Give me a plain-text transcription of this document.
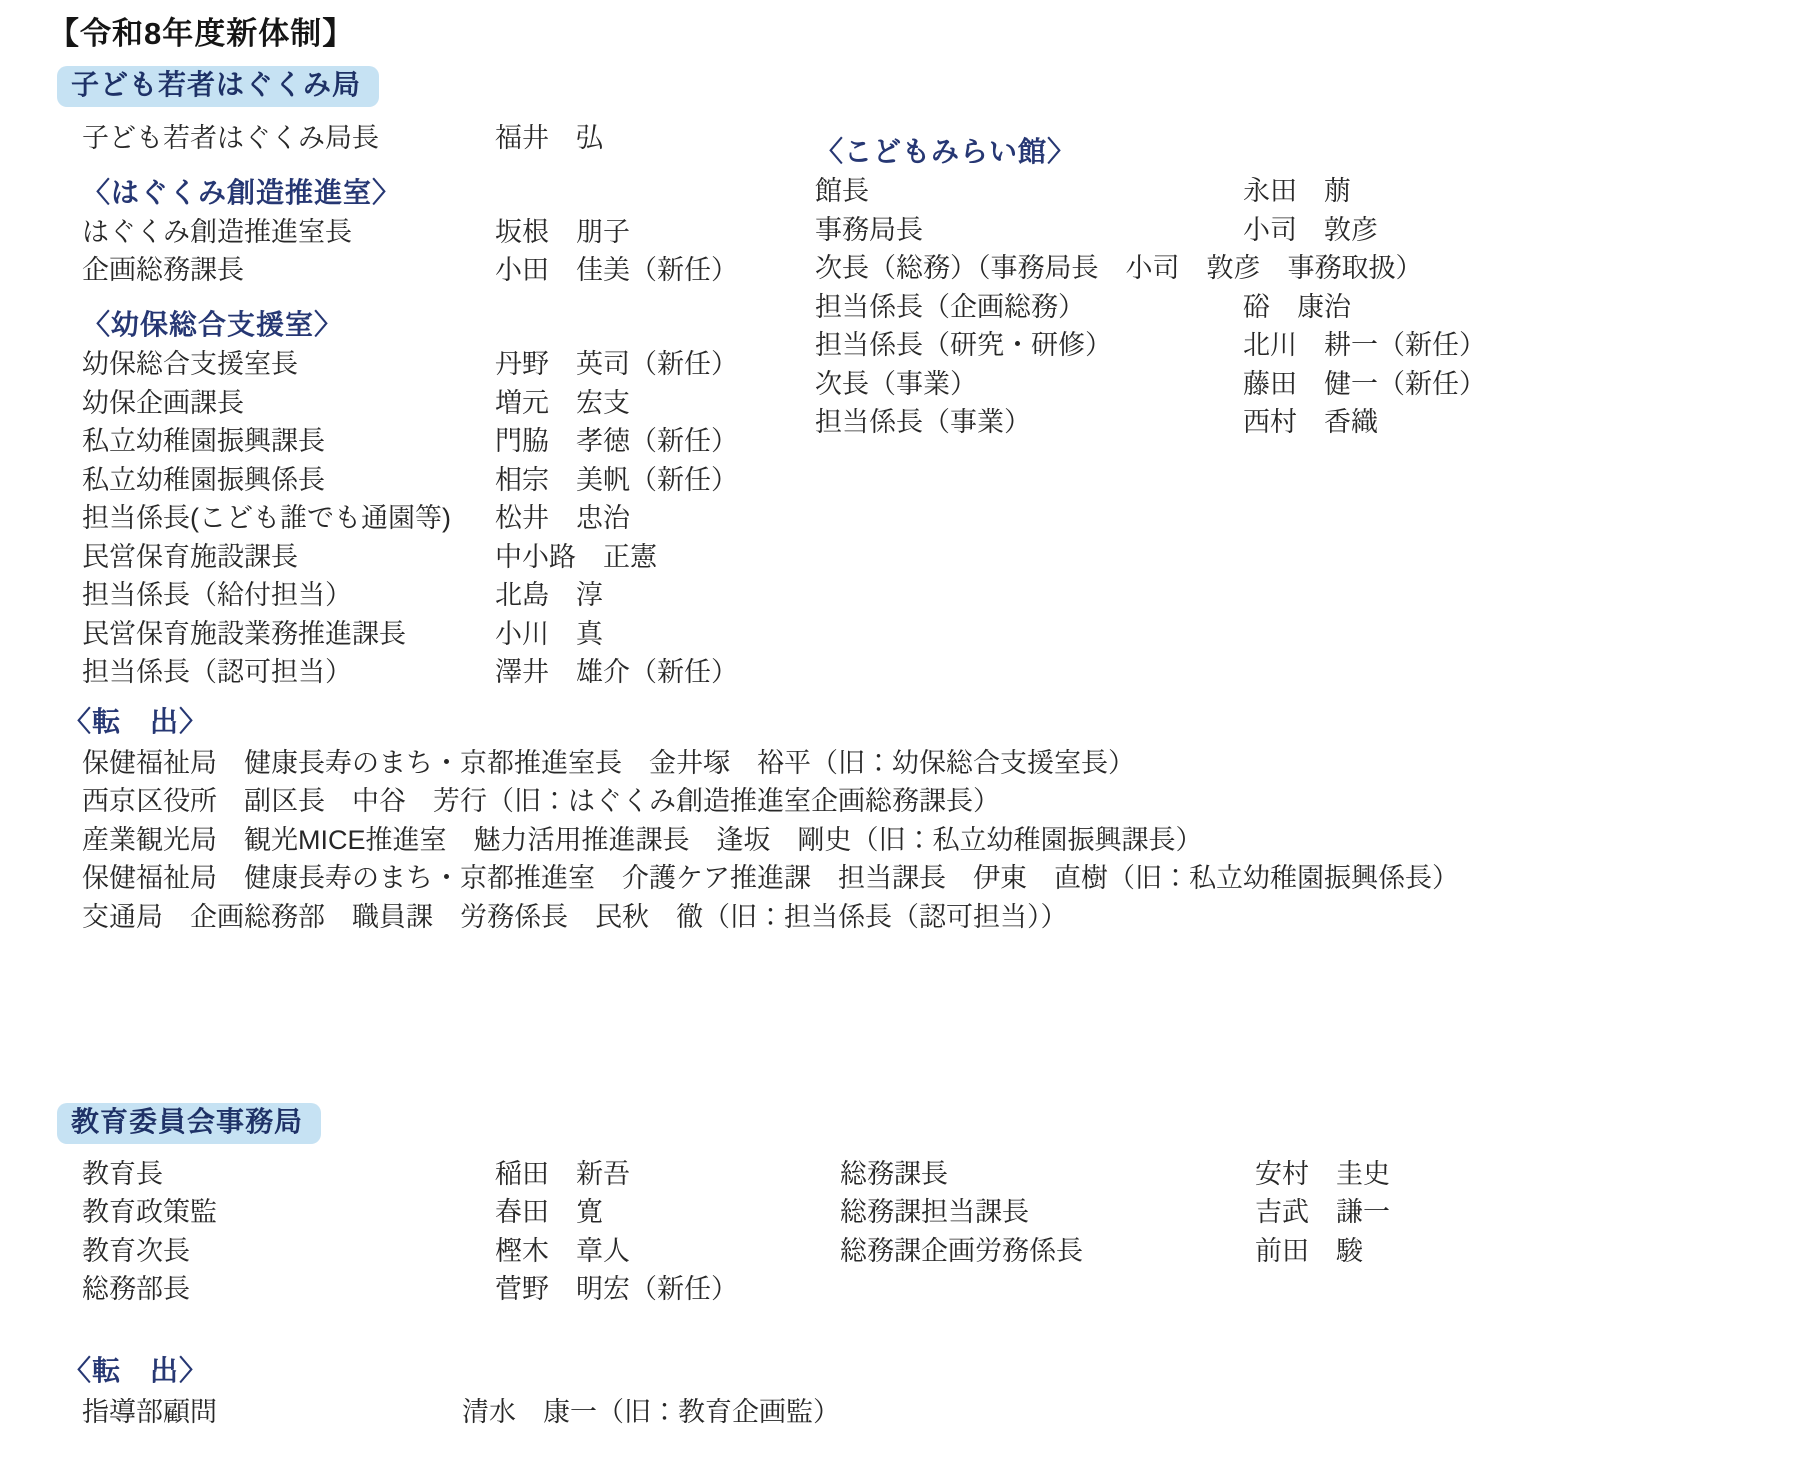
【令和8年度新体制】
子ども若者はぐくみ局
子ども若者はぐくみ局長	福井　弘
〈はぐくみ創造推進室〉
はぐくみ創造推進室長	坂根　朋子
企画総務課長	小田　佳美（新任）
〈幼保総合支援室〉
幼保総合支援室長	丹野　英司（新任）
幼保企画課長	増元　宏支
私立幼稚園振興課長	門脇　孝徳（新任）
私立幼稚園振興係長	相宗　美帆（新任）
担当係長(こども誰でも通園等)	松井　忠治
民営保育施設課長	中小路　正憲
担当係長（給付担当）	北島　淳
民営保育施設業務推進課長	小川　真
担当係長（認可担当）	澤井　雄介（新任）
〈こどもみらい館〉
館長	永田　萠
事務局長	小司　敦彦
次長（総務）（事務局長　小司　敦彦　事務取扱）
担当係長（企画総務）	硲　康治
担当係長（研究・研修）	北川　耕一（新任）
次長（事業）	藤田　健一（新任）
担当係長（事業）	西村　香織
〈転　出〉
保健福祉局　健康長寿のまち・京都推進室長　金井塚　裕平（旧：幼保総合支援室長）
西京区役所　副区長　中谷　芳行（旧：はぐくみ創造推進室企画総務課長）
産業観光局　観光MICE推進室　魅力活用推進課長　逢坂　剛史（旧：私立幼稚園振興課長）
保健福祉局　健康長寿のまち・京都推進室　介護ケア推進課　担当課長　伊東　直樹（旧：私立幼稚園振興係長）
交通局　企画総務部　職員課　労務係長　民秋　徹（旧：担当係長（認可担当））
教育委員会事務局
教育長	稲田　新吾
教育政策監	春田　寛
教育次長	樫木　章人
総務部長	菅野　明宏（新任）
総務課長	安村　圭史
総務課担当課長	吉武　謙一
総務課企画労務係長	前田　駿
〈転　出〉
指導部顧問	清水　康一（旧：教育企画監）
